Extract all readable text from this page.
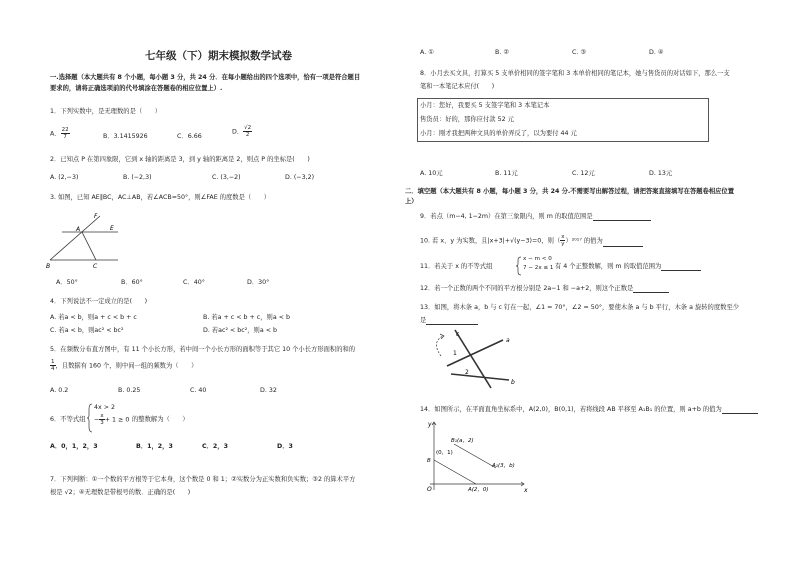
七年级（下）期末模拟数学试卷
一.选择题（本大题共有 8 个小题，每小题 3 分，共 24 分．在每小题给出的四个选项中，恰有一项是符合题目
要求的，请将正确选项前的代号填涂在答题卷的相应位置上）.
1．下列实数中，是无理数的是（　　）
A． $\frac{22}{7}$	B．3.1415926	C．6.66
D． $\frac{√2}{2}$
2．已知点 P 在第四象限，它到 x 轴的距离是 3，到 y 轴的距离是 2，则点 P 的坐标是(　　)
A. (2,−3)	B. (−2,3)	C. (3,−2)	D. (−3,2)
3. 如图，已知 AE∥BC，AC⊥AB，若∠ACB=50°，则∠FAE 的度数是（　　）
F
A	E
B	C
A．50°	B．60°	C．40°	D．30°
4．下列说法不一定成立的是(　　)
A. 若a < b，则a + c < b + c	B. 若a + c < b + c，则a < b
C. 若a < b，则ac² < bc²	D. 若ac² < bc²，则a < b
5．在频数分布直方图中，有 11 个小长方形，若中间一个小长方形的面积等于其它 10 个小长方形面积的和的
$\frac{1}{4}$ ，且数据有 160 个，则中间一组的频数为（　　）
A. 0.2	B. 0.25	C. 40	D. 32
6．不等式组
4x > 2
− $\frac{x}{3} + 1 \ge 0$ 的整数解为（　　）
A．0，1，2，3	B．1，2，3	C．2，3	D．3
7．下列判断：①一个数的平方根等于它本身，这个数是 0 和 1；②实数分为正实数和负实数；③2 的算术平方
根是 √2；④无理数是带根号的数．正确的是(　　)
A. ①	B. ②	C. ③	D. ④
8．小月去买文具，打算买 5 支单价相同的签字笔和 3 本单价相同的笔记本，她与售货员的对话如下，那么一支
笔和一本笔记本应付(　　)
小月：您好，我要买 5 支签字笔和 3 本笔记本
售货员：好的，那你应付款 52 元
小月：刚才我把两种文具的单价弄反了，以为要付 44 元
A. 10元	B. 11元	C. 12元	D. 13元
二．填空题（本大题共有 8 小题，每小题 3 分，共 24 分.不需要写出解答过程，请把答案直接填写在答题卷相应位置
上）
9．若点（m−4, 1−2m）在第三象限内，则 m 的取值范围是
10. 若 x、y 为实数，且|x+3|+√(y−3)=0，则（ $\frac{x}{y} )^{2017}$ 的值为
11．若关于 x 的不等式组
x − m < 0
7 − 2x ≤ 1 有 4 个正整数解，则 m 的取值范围为
12．若一个正数的两个不同的平方根分别是 2a−1 和 −a+2，则这个正数是
13．如图，将木条 a，b 与 c 钉在一起，∠1 = 70°，∠2 = 50°，要使木条 a 与 b 平行，木条 a 旋转的度数至少
是
c
a
b
1
2
14．如图所示，在平面直角坐标系中，A(2,0)，B(0,1)，若将线段 AB 平移至 A₁B₁ 的位置，则 a+b 的值为
y
x
O
B₁(a，2)
B
(0，1)
A₁(3，b)
A(2，0)
